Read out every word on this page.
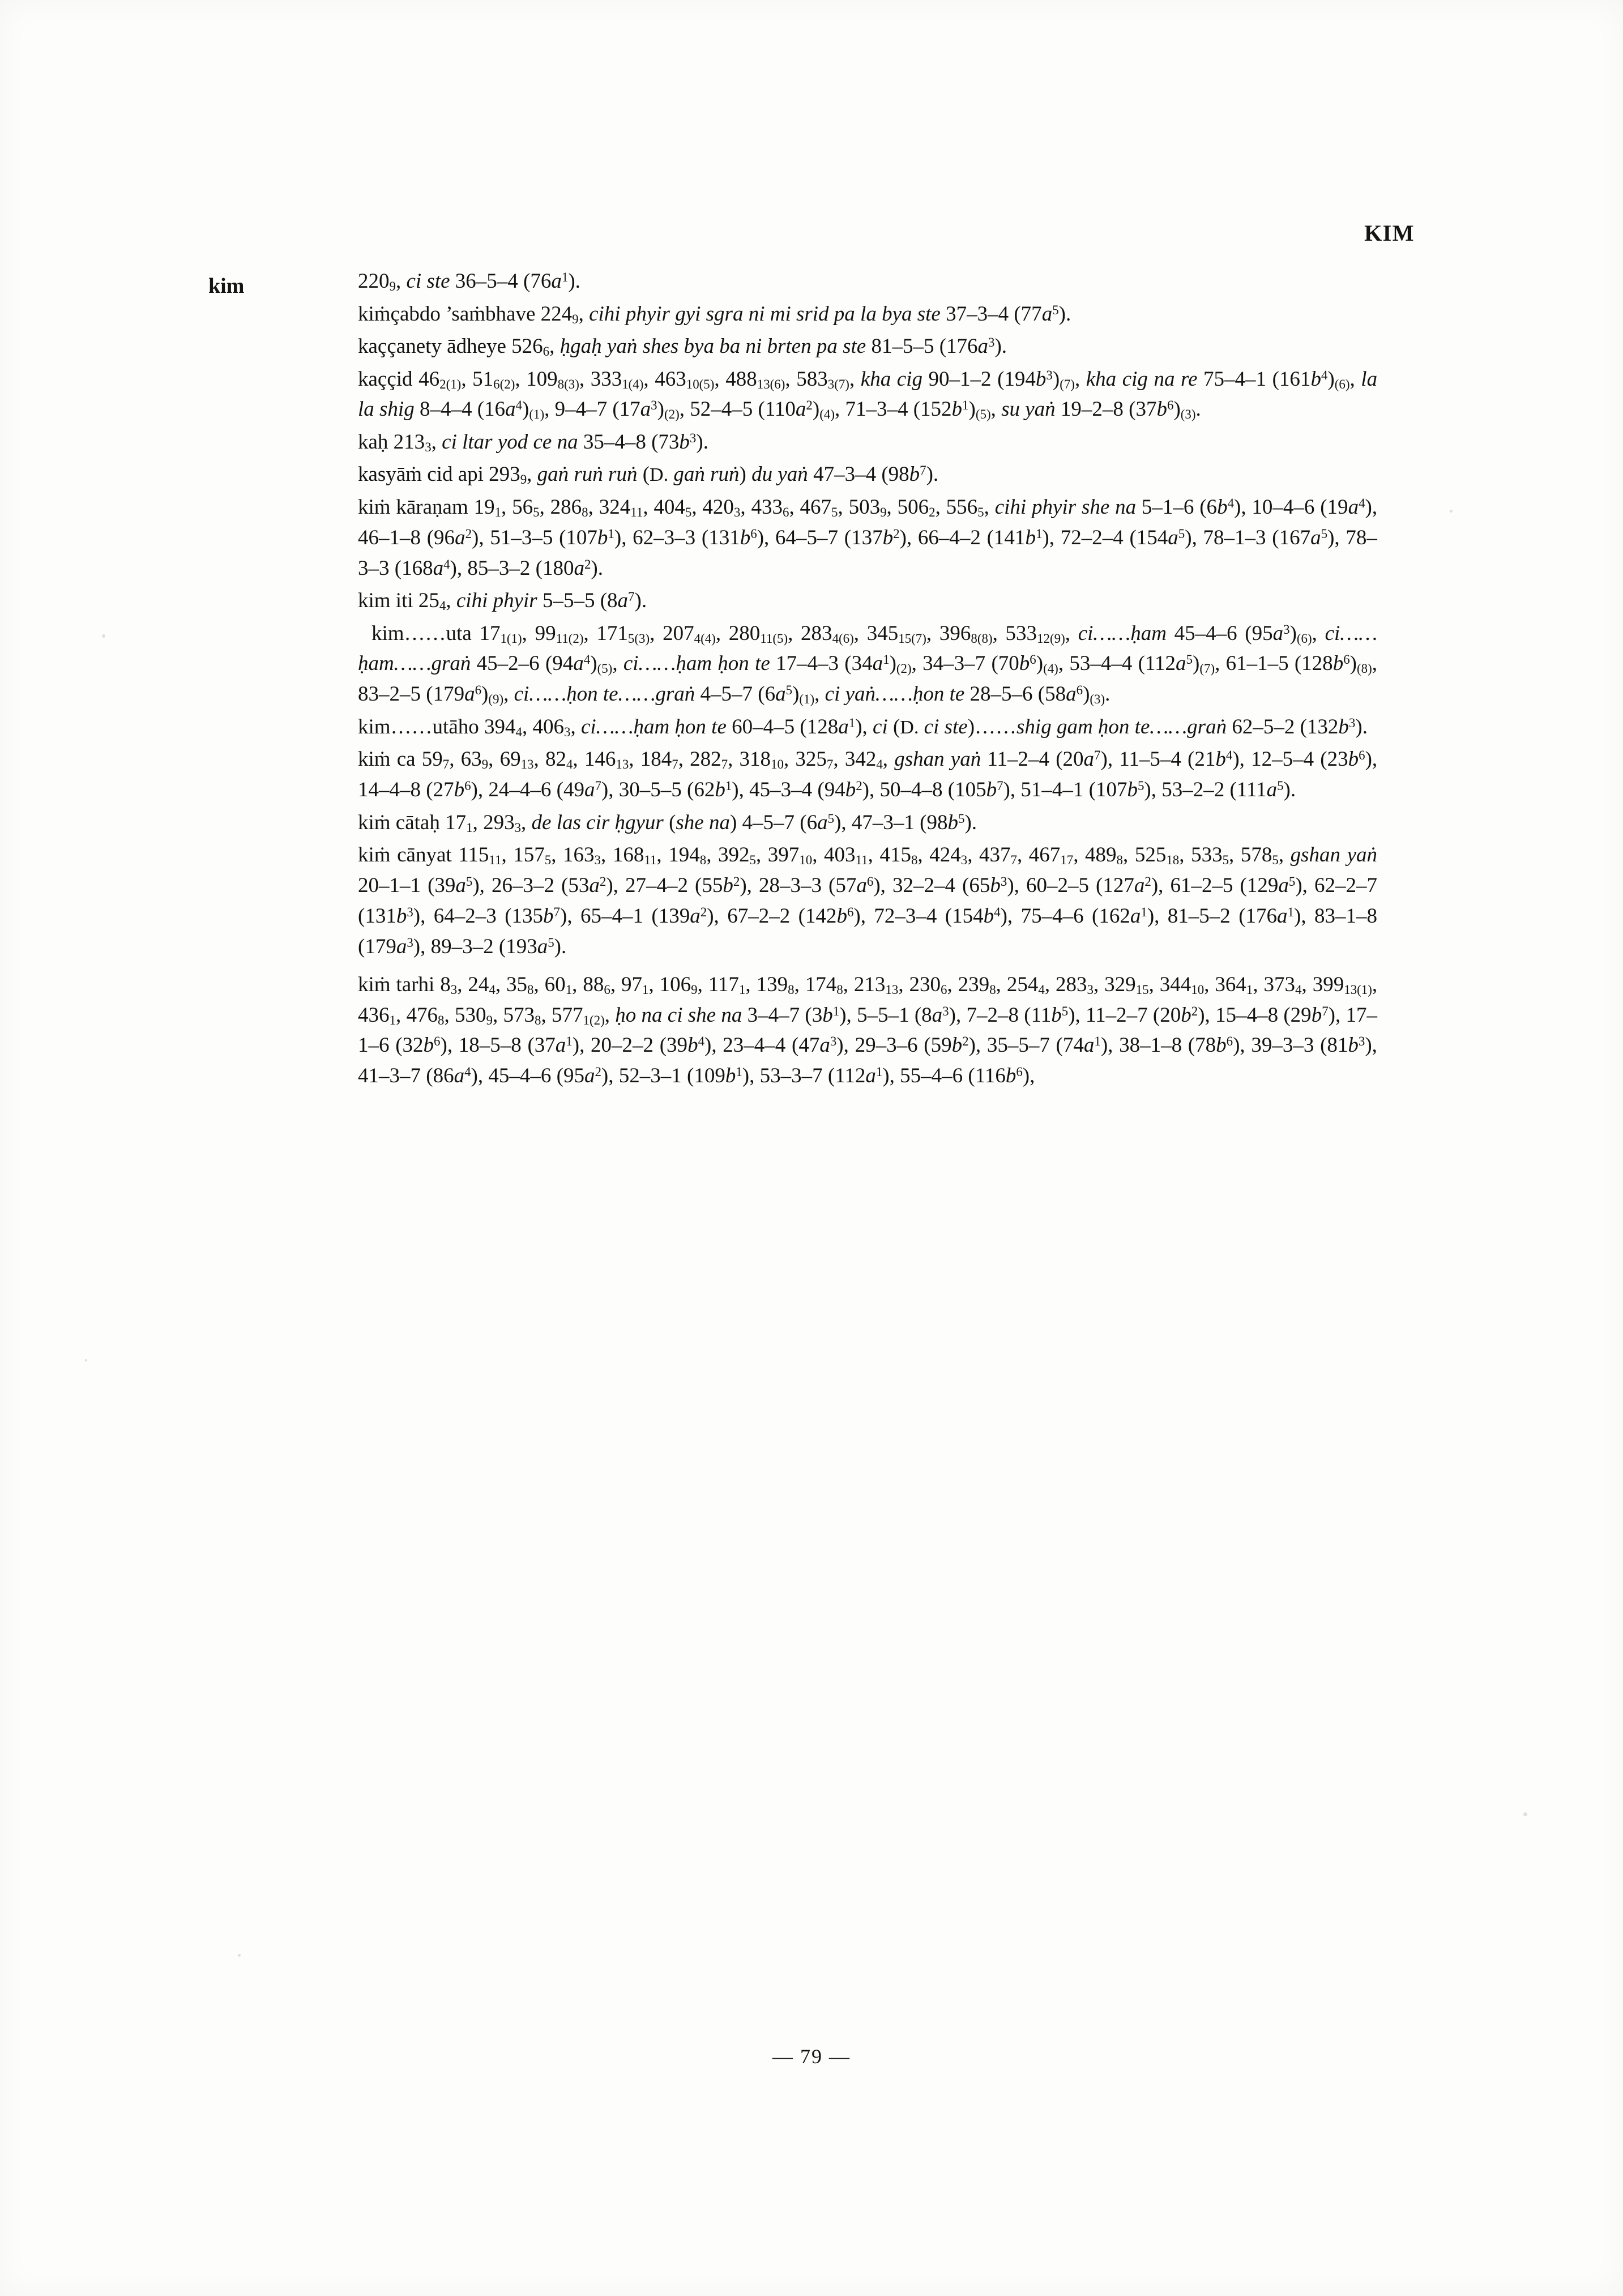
KIM
kim	$220_9$, ci ste 36–5–4 $(76a^1)$.

kiṁçabdo ’saṁbhave $224_9$, cihi phyir gyi sgra ni mi srid pa la bya ste 37–3–4 $(77a^5)$.

kaççanety ādheye $526_6$, ḥgaḥ yaṅ shes bya ba ni brten pa ste 81–5–5 $(176a^3)$.

kaççid $46_{2(1)}$, $51_{6(2)}$, $109_{8(3)}$, $333_{1(4)}$, $463_{10(5)}$, $488_{13(6)}$, $583_{3(7)}$, kha cig 90–1–2 $(194b^3)_{(7)}$, kha cig na re 75–4–1 $(161b^4)_{(6)}$, la la shig 8–4–4 $(16a^4)_{(1)}$, 9–4–7 $(17a^3)_{(2)}$, 52–4–5 $(110a^2)_{(4)}$, 71–3–4 $(152b^1)_{(5)}$, su yaṅ 19–2–8 $(37b^6)_{(3)}$.

kaḥ $213_3$, ci ltar yod ce na 35–4–8 $(73b^3)$.

kasyāṁ cid api $293_9$, gaṅ ruṅ ruṅ (D. gaṅ ruṅ) du yaṅ 47–3–4 $(98b^7)$.

kiṁ kāraṇam $19_1$, $56_5$, $286_8$, $324_{11}$, $404_5$, $420_3$, $433_6$, $467_5$, $503_9$, $506_2$, $556_5$, cihi phyir she na 5–1–6 $(6b^4)$, 10–4–6 $(19a^4)$, 46–1–8 $(96a^2)$, 51–3–5 $(107b^1)$, 62–3–3 $(131b^6)$, 64–5–7 $(137b^2)$, 66–4–2 $(141b^1)$, 72–2–4 $(154a^5)$, 78–1–3 $(167a^5)$, 78–3–3 $(168a^4)$, 85–3–2 $(180a^2)$.

kim iti $25_4$, cihi phyir 5–5–5 $(8a^7)$.

kim……uta $17_{1(1)}$, $99_{11(2)}$, $171_{5(3)}$, $207_{4(4)}$, $280_{11(5)}$, $283_{4(6)}$, $345_{15(7)}$, $396_{8(8)}$, $533_{12(9)}$, ci……ḥam 45–4–6 $(95a^3)_{(6)}$, ci……ḥam……graṅ 45–2–6 $(94a^4)_{(5)}$, ci……ḥam ḥon te 17–4–3 $(34a^1)_{(2)}$, 34–3–7 $(70b^6)_{(4)}$, 53–4–4 $(112a^5)_{(7)}$, 61–1–5 $(128b^6)_{(8)}$, 83–2–5 $(179a^6)_{(9)}$, ci……ḥon te……graṅ 4–5–7 $(6a^5)_{(1)}$, ci yaṅ……ḥon te 28–5–6 $(58a^6)_{(3)}$.

kim……utāho $394_4$, $406_3$, ci……ḥam ḥon te 60–4–5 $(128a^1)$, ci (D. ci ste)……shig gam ḥon te……graṅ 62–5–2 $(132b^3)$.

kiṁ ca $59_7$, $63_9$, $69_{13}$, $82_4$, $146_{13}$, $184_7$, $282_7$, $318_{10}$, $325_7$, $342_4$, gshan yaṅ 11–2–4 $(20a^7)$, 11–5–4 $(21b^4)$, 12–5–4 $(23b^6)$, 14–4–8 $(27b^6)$, 24–4–6 $(49a^7)$, 30–5–5 $(62b^1)$, 45–3–4 $(94b^2)$, 50–4–8 $(105b^7)$, 51–4–1 $(107b^5)$, 53–2–2 $(111a^5)$.

kiṁ cātaḥ $17_1$, $293_3$, de las cir ḥgyur (she na) 4–5–7 $(6a^5)$, 47–3–1 $(98b^5)$.

kiṁ cānyat $115_{11}$, $157_5$, $163_3$, $168_{11}$, $194_8$, $392_5$, $397_{10}$, $403_{11}$, $415_8$, $424_3$, $437_7$, $467_{17}$, $489_8$, $525_{18}$, $533_5$, $578_5$, gshan yaṅ 20–1–1 $(39a^5)$, 26–3–2 $(53a^2)$, 27–4–2 $(55b^2)$, 28–3–3 $(57a^6)$, 32–2–4 $(65b^3)$, 60–2–5 $(127a^2)$, 61–2–5 $(129a^5)$, 62–2–7 $(131b^3)$, 64–2–3 $(135b^7)$, 65–4–1 $(139a^2)$, 67–2–2 $(142b^6)$, 72–3–4 $(154b^4)$, 75–4–6 $(162a^1)$, 81–5–2 $(176a^1)$, 83–1–8 $(179a^3)$, 89–3–2 $(193a^5)$.

kiṁ tarhi $8_3$, $24_4$, $35_8$, $60_1$, $88_6$, $97_1$, $106_9$, $117_1$, $139_8$, $174_8$, $213_{13}$, $230_6$, $239_8$, $254_4$, $283_3$, $329_{15}$, $344_{10}$, $364_1$, $373_4$, $399_{13(1)}$, $436_1$, $476_8$, $530_9$, $573_8$, $577_{1(2)}$, ḥo na ci she na 3–4–7 $(3b^1)$, 5–5–1 $(8a^3)$, 7–2–8 $(11b^5)$, 11–2–7 $(20b^2)$, 15–4–8 $(29b^7)$, 17–1–6 $(32b^6)$, 18–5–8 $(37a^1)$, 20–2–2 $(39b^4)$, 23–4–4 $(47a^3)$, 29–3–6 $(59b^2)$, 35–5–7 $(74a^1)$, 38–1–8 $(78b^6)$, 39–3–3 $(81b^3)$, 41–3–7 $(86a^4)$, 45–4–6 $(95a^2)$, 52–3–1 $(109b^1)$, 53–3–7 $(112a^1)$, 55–4–6 $(116b^6)$,

— 79 —
